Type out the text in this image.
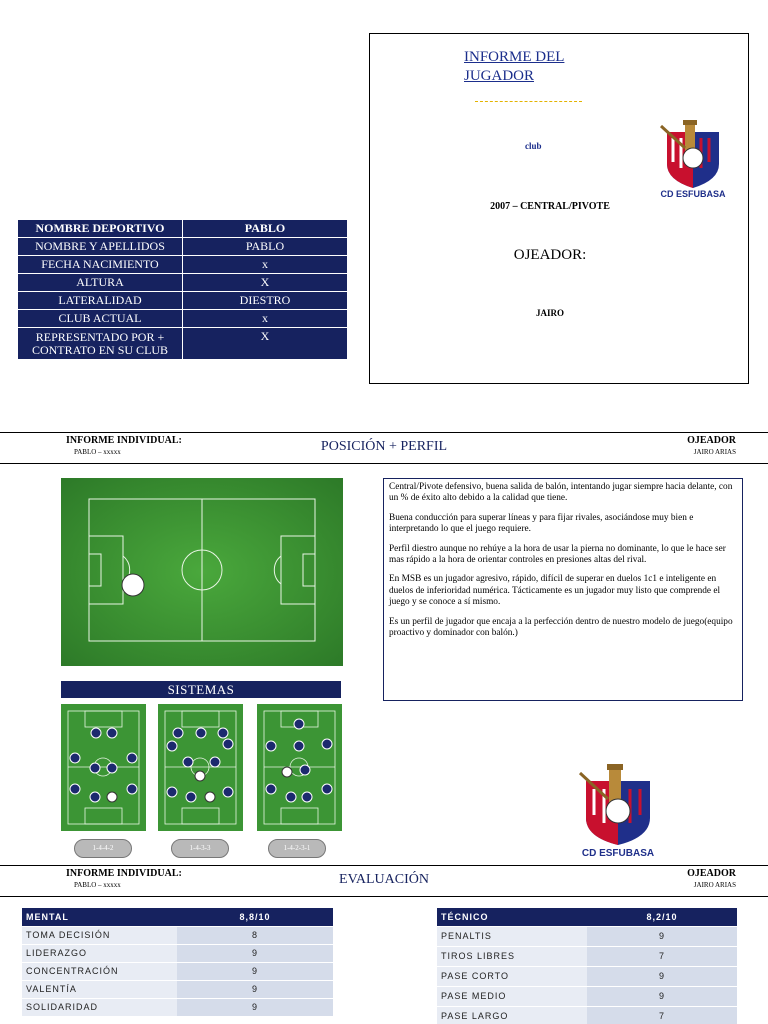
NOMBRE DEPORTIVO	PABLO
NOMBRE Y APELLIDOS	PABLO
FECHA NACIMIENTO	x
ALTURA	X
LATERALIDAD	DIESTRO
CLUB ACTUAL	x
REPRESENTADO POR + CONTRATO EN SU CLUB	X
INFORME DEL JUGADOR
club
CD ESFUBASA
2007 – CENTRAL/PIVOTE
OJEADOR:
JAIRO
INFORME INDIVIDUAL:
PABLO – xxxxx	POSICIÓN + PERFIL	OJEADOR
JAIRO ARIAS
SISTEMAS
1-4-4-2	1-4-3-3	1-4-2-3-1

Central/Pivote defensivo, buena salida de balón, intentando jugar siempre hacia delante, con un % de éxito alto debido a la calidad que tiene.

Buena conducción para superar líneas y para fijar rivales, asociándose muy bien e interpretando lo que el juego requiere.

Perfil diestro aunque no rehúye a la hora de usar la pierna no dominante, lo que le hace ser mas rápido a la hora de orientar controles en presiones altas del rival.

En MSB es un jugador agresivo, rápido, difícil de superar en duelos 1c1 e inteligente en duelos de inferioridad numérica. Tácticamente es un jugador muy listo que comprende el juego y se conoce a sí mismo.

Es un perfil de jugador que encaja a la perfección dentro de nuestro modelo de juego(equipo proactivo y dominador con balón.)

CD ESFUBASA
INFORME INDIVIDUAL:
PABLO – xxxxx	EVALUACIÓN	OJEADOR
JAIRO ARIAS
MENTAL	8,8/10
TOMA DECISIÓN	8
LIDERAZGO	9
CONCENTRACIÓN	9
VALENTÍA	9
SOLIDARIDAD	9
TÉCNICO	8,2/10
PENALTIS	9
TIROS LIBRES	7
PASE CORTO	9
PASE MEDIO	9
PASE LARGO	7
